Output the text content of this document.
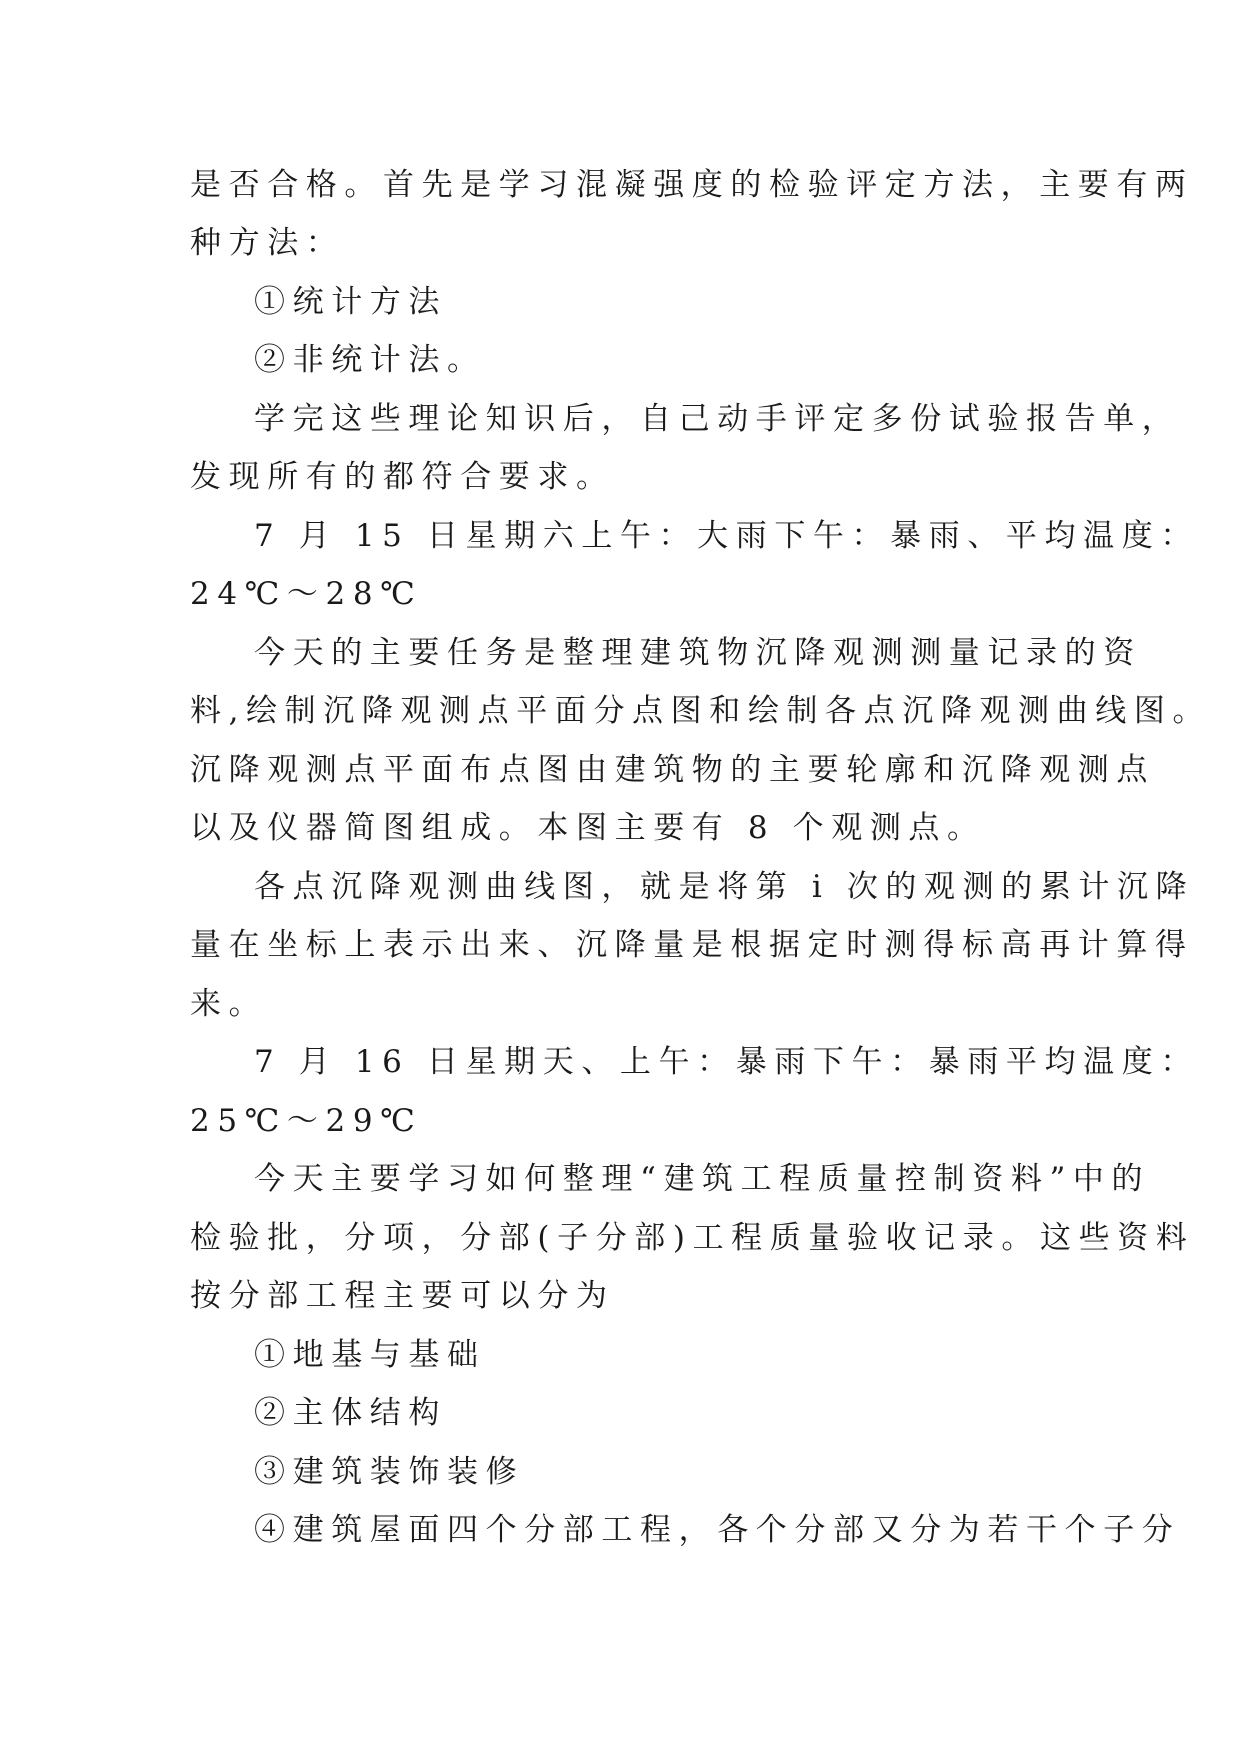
是否合格。首先是学习混凝强度的检验评定方法，主要有两
种方法：
①统计方法
②非统计法。
学完这些理论知识后，自己动手评定多份试验报告单，
发现所有的都符合要求。
7 月 15 日星期六上午：大雨下午：暴雨、平均温度：
24℃～28℃
今天的主要任务是整理建筑物沉降观测测量记录的资
料,绘制沉降观测点平面分点图和绘制各点沉降观测曲线图。
沉降观测点平面布点图由建筑物的主要轮廓和沉降观测点
以及仪器简图组成。本图主要有 8 个观测点。
各点沉降观测曲线图，就是将第 i 次的观测的累计沉降
量在坐标上表示出来、沉降量是根据定时测得标高再计算得
来。
7 月 16 日星期天、上午：暴雨下午：暴雨平均温度：
25℃～29℃
今天主要学习如何整理“建筑工程质量控制资料”中的
检验批，分项，分部(子分部)工程质量验收记录。这些资料
按分部工程主要可以分为
①地基与基础
②主体结构
③建筑装饰装修
④建筑屋面四个分部工程，各个分部又分为若干个子分
